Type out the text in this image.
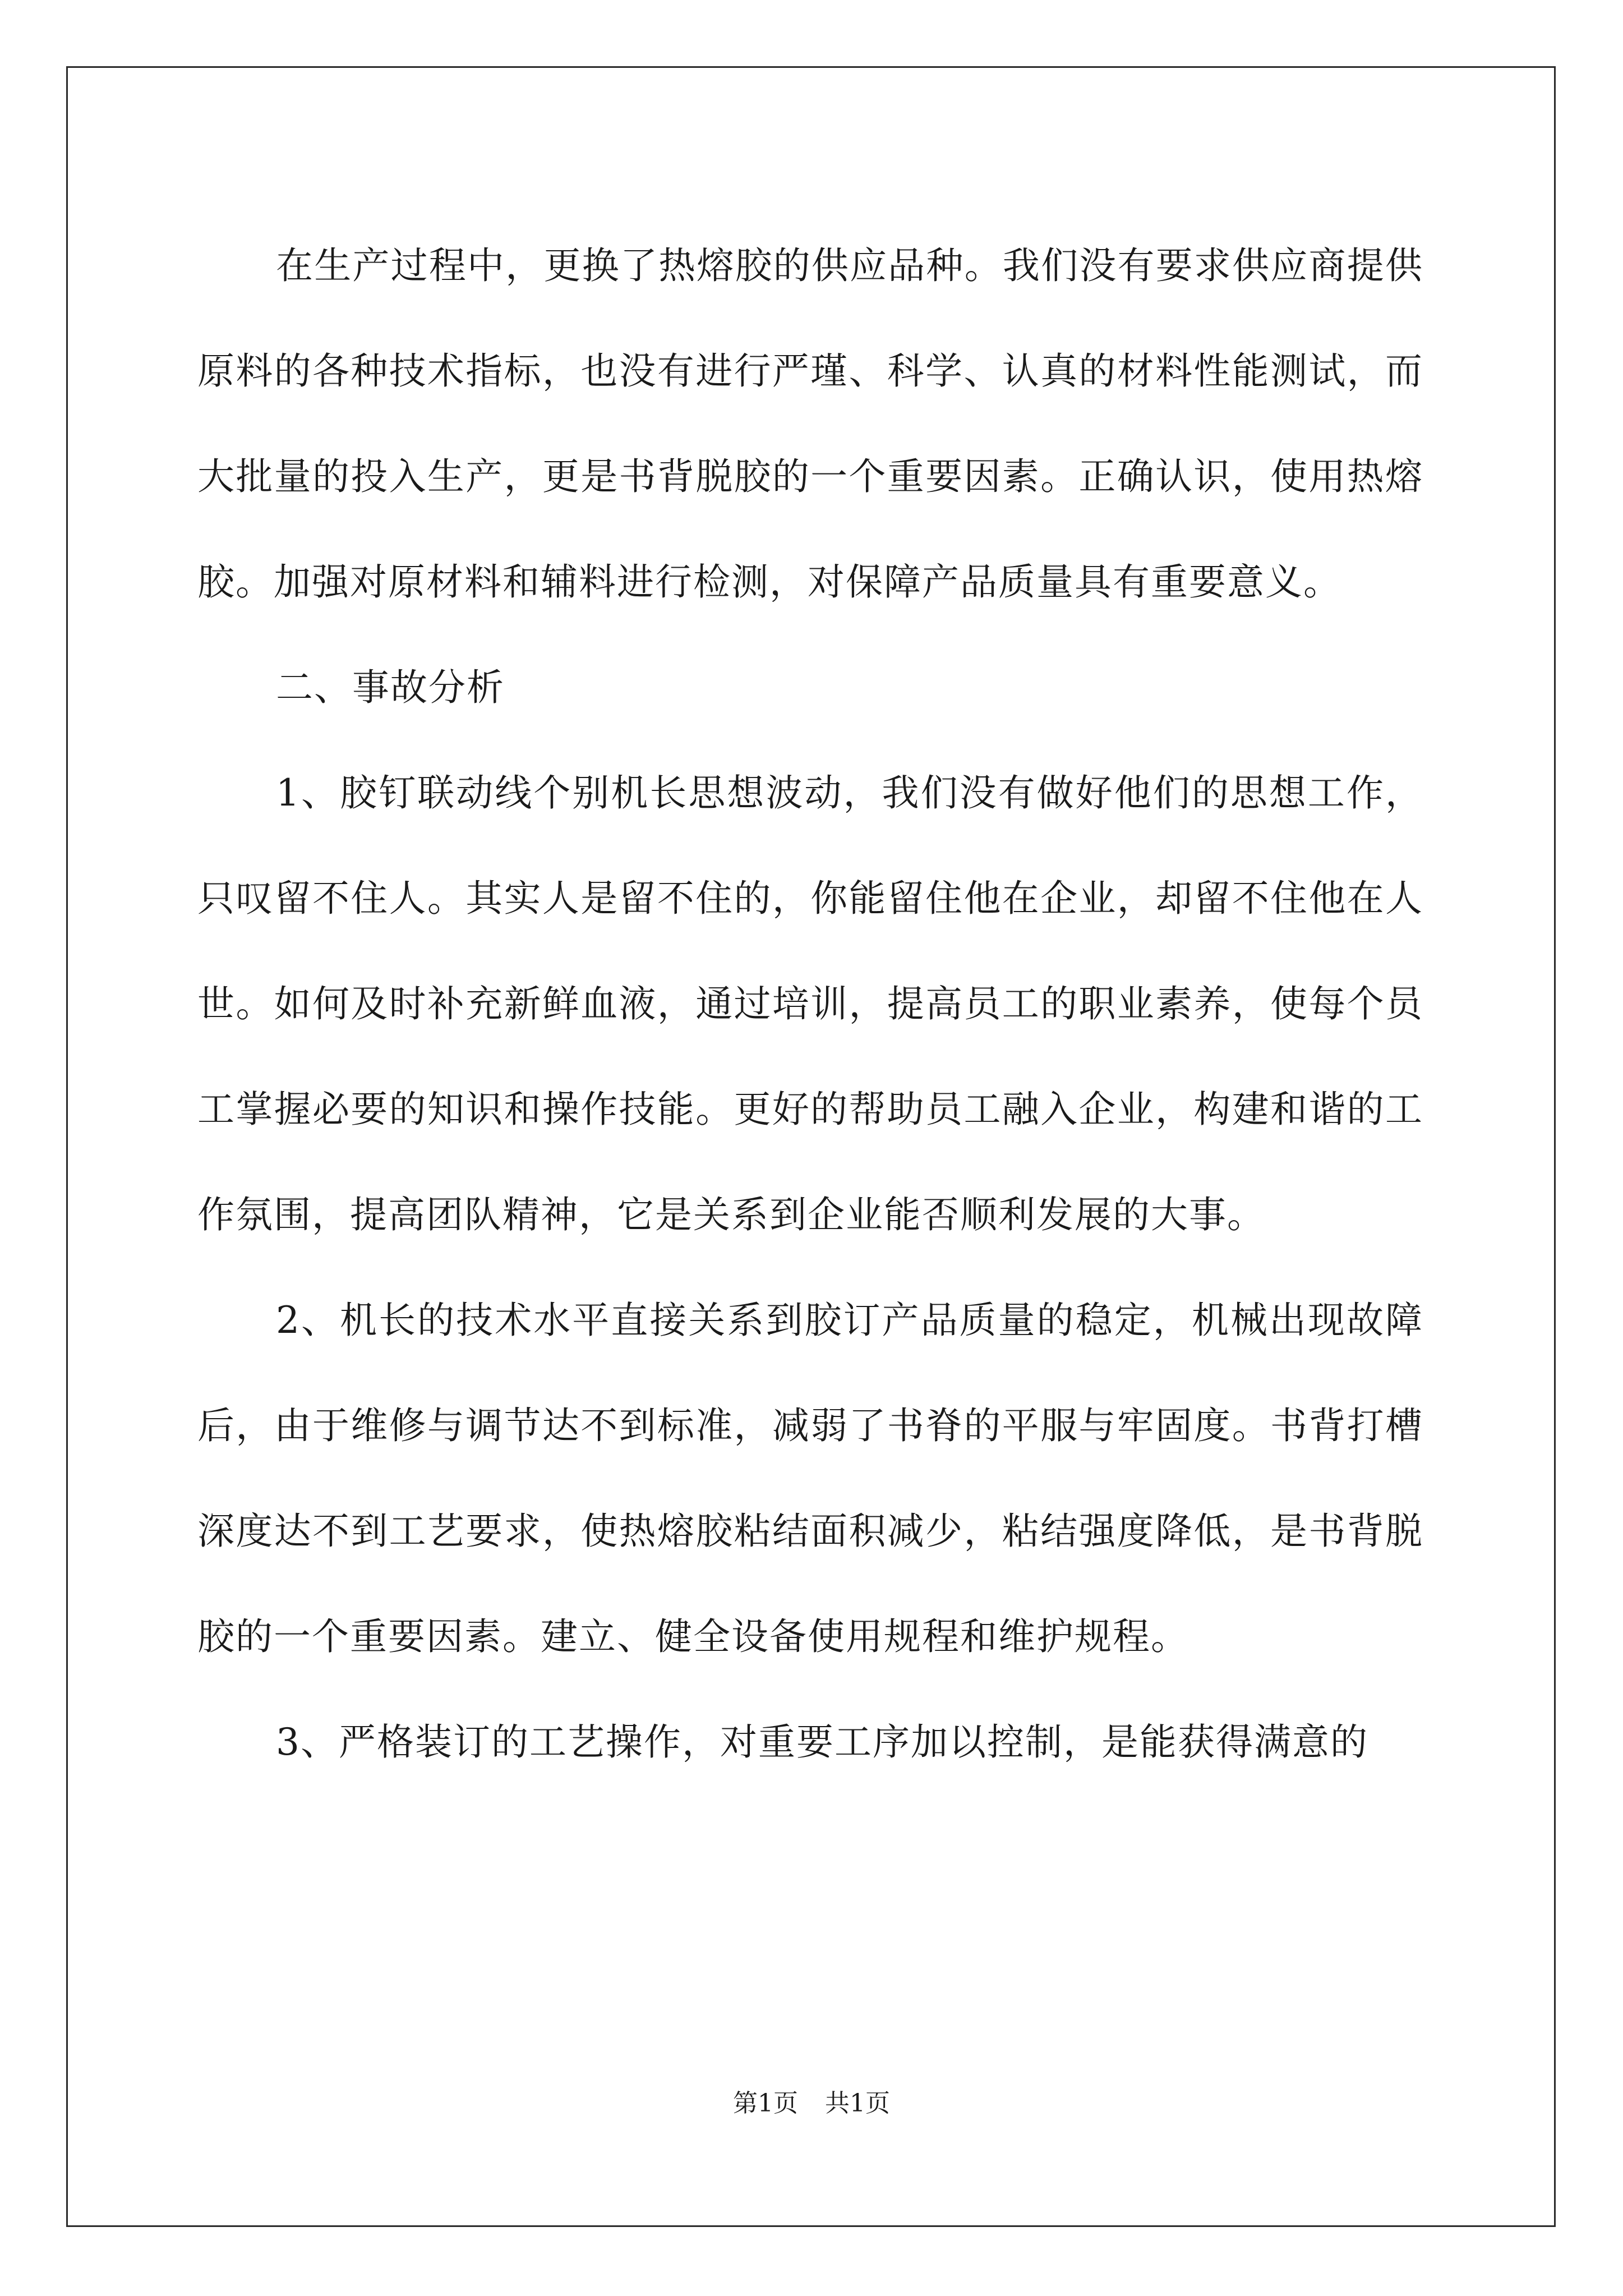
在生产过程中，更换了热熔胶的供应品种。我们没有要求供应商提供原料的各种技术指标，也没有进行严瑾、科学、认真的材料性能测试，而大批量的投入生产，更是书背脱胶的一个重要因素。正确认识，使用热熔胶。加强对原材料和辅料进行检测，对保障产品质量具有重要意义。

二、事故分析

1、胶钉联动线个别机长思想波动，我们没有做好他们的思想工作，只叹留不住人。其实人是留不住的，你能留住他在企业，却留不住他在人世。如何及时补充新鲜血液，通过培训，提高员工的职业素养，使每个员工掌握必要的知识和操作技能。更好的帮助员工融入企业，构建和谐的工作氛围，提高团队精神，它是关系到企业能否顺利发展的大事。

2、机长的技术水平直接关系到胶订产品质量的稳定，机械出现故障后，由于维修与调节达不到标准，减弱了书脊的平服与牢固度。书背打槽深度达不到工艺要求，使热熔胶粘结面积减少，粘结强度降低，是书背脱胶的一个重要因素。建立、健全设备使用规程和维护规程。

3、严格装订的工艺操作，对重要工序加以控制，是能获得满意的

第1页 共1页
